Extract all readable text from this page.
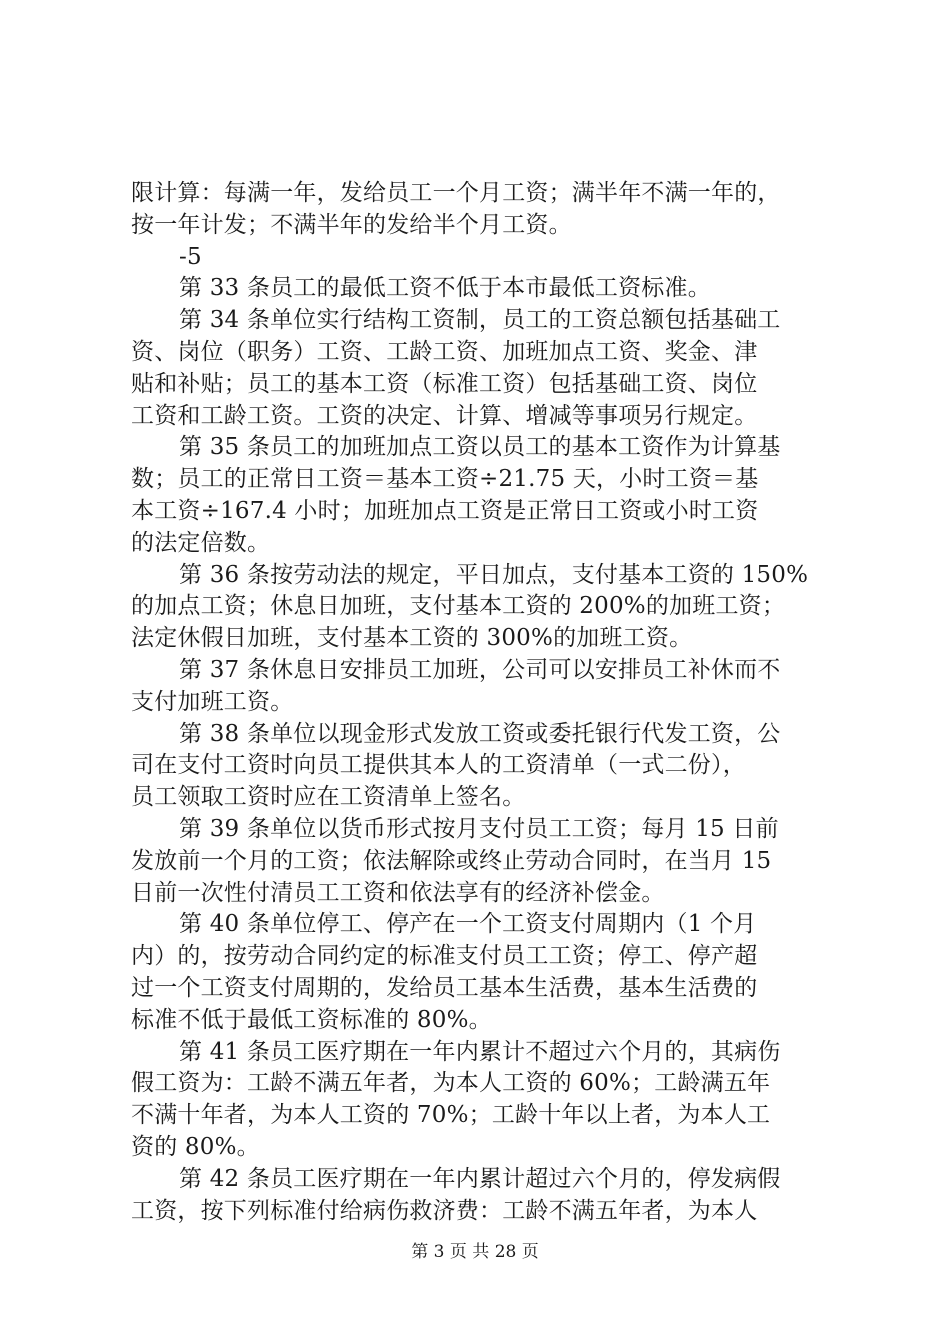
限计算：每满一年，发给员工一个月工资；满半年不满一年的，
按一年计发；不满半年的发给半个月工资。
-5
第 33 条员工的最低工资不低于本市最低工资标准。
第 34 条单位实行结构工资制，员工的工资总额包括基础工
资、岗位（职务）工资、工龄工资、加班加点工资、奖金、津
贴和补贴；员工的基本工资（标准工资）包括基础工资、岗位
工资和工龄工资。工资的决定、计算、增减等事项另行规定。
第 35 条员工的加班加点工资以员工的基本工资作为计算基
数；员工的正常日工资＝基本工资÷21.75 天，小时工资＝基
本工资÷167.4 小时；加班加点工资是正常日工资或小时工资
的法定倍数。
第 36 条按劳动法的规定，平日加点，支付基本工资的 150%
的加点工资；休息日加班，支付基本工资的 200%的加班工资；
法定休假日加班，支付基本工资的 300%的加班工资。
第 37 条休息日安排员工加班，公司可以安排员工补休而不
支付加班工资。
第 38 条单位以现金形式发放工资或委托银行代发工资，公
司在支付工资时向员工提供其本人的工资清单（一式二份），
员工领取工资时应在工资清单上签名。
第 39 条单位以货币形式按月支付员工工资；每月 15 日前
发放前一个月的工资；依法解除或终止劳动合同时，在当月 15
日前一次性付清员工工资和依法享有的经济补偿金。
第 40 条单位停工、停产在一个工资支付周期内（1 个月
内）的，按劳动合同约定的标准支付员工工资；停工、停产超
过一个工资支付周期的，发给员工基本生活费，基本生活费的
标准不低于最低工资标准的 80%。
第 41 条员工医疗期在一年内累计不超过六个月的，其病伤
假工资为：工龄不满五年者，为本人工资的 60%；工龄满五年
不满十年者，为本人工资的 70%；工龄十年以上者，为本人工
资的 80%。
第 42 条员工医疗期在一年内累计超过六个月的，停发病假
工资，按下列标准付给病伤救济费：工龄不满五年者，为本人
第 3 页 共 28 页
